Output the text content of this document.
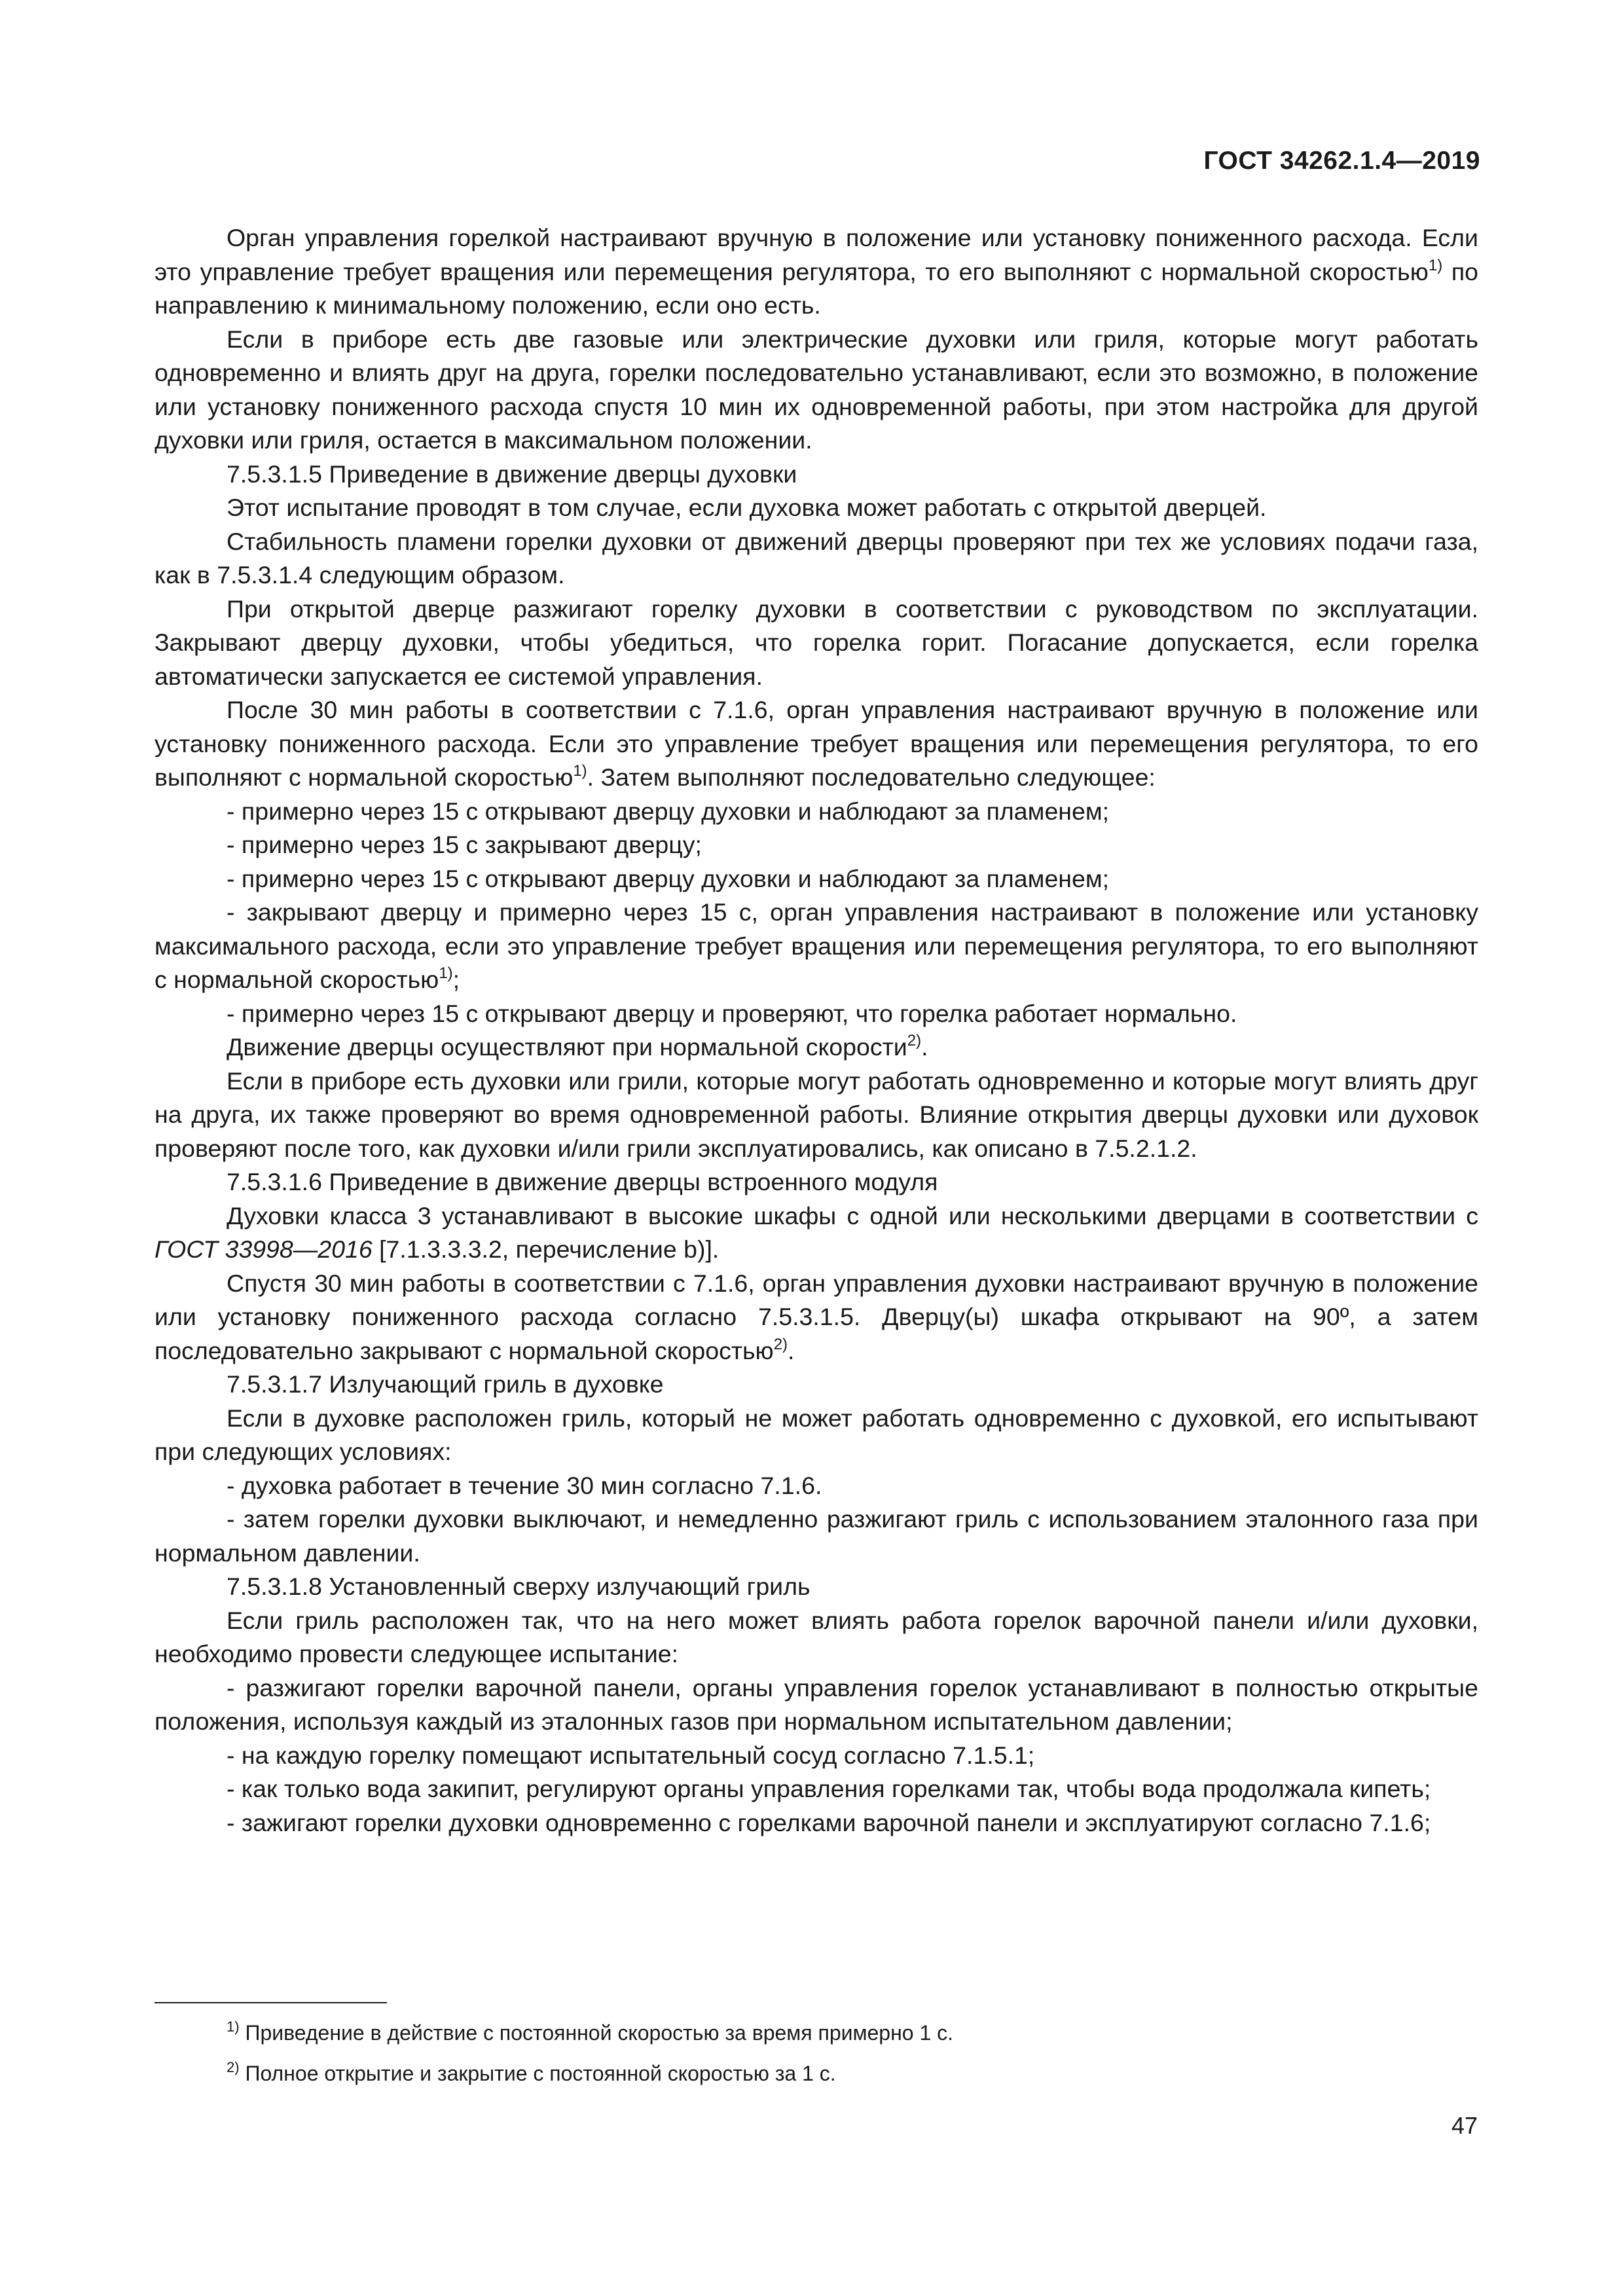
ГОСТ 34262.1.4—2019

Орган управления горелкой настраивают вручную в положение или установку пониженного расхода. Если это управление требует вращения или перемещения регулятора, то его выполняют с нормальной скоростью$^{1)}$ по направлению к минимальному положению, если оно есть.

Если в приборе есть две газовые или электрические духовки или гриля, которые могут работать одновременно и влиять друг на друга, горелки последовательно устанавливают, если это возможно, в положение или установку пониженного расхода спустя 10 мин их одновременной работы, при этом настройка для другой духовки или гриля, остается в максимальном положении.

7.5.3.1.5 Приведение в движение дверцы духовки

Этот испытание проводят в том случае, если духовка может работать с открытой дверцей.

Стабильность пламени горелки духовки от движений дверцы проверяют при тех же условиях подачи газа, как в 7.5.3.1.4 следующим образом.

При открытой дверце разжигают горелку духовки в соответствии с руководством по эксплуатации. Закрывают дверцу духовки, чтобы убедиться, что горелка горит. Погасание допускается, если горелка автоматически запускается ее системой управления.

После 30 мин работы в соответствии с 7.1.6, орган управления настраивают вручную в положение или установку пониженного расхода. Если это управление требует вращения или перемещения регулятора, то его выполняют с нормальной скоростью$^{1)}$. Затем выполняют последовательно следующее:

- примерно через 15 с открывают дверцу духовки и наблюдают за пламенем;

- примерно через 15 с закрывают дверцу;

- примерно через 15 с открывают дверцу духовки и наблюдают за пламенем;

- закрывают дверцу и примерно через 15 с, орган управления настраивают в положение или установку максимального расхода, если это управление требует вращения или перемещения регулятора, то его выполняют с нормальной скоростью$^{1)}$;

- примерно через 15 с открывают дверцу и проверяют, что горелка работает нормально.

Движение дверцы осуществляют при нормальной скорости$^{2)}$.

Если в приборе есть духовки или грили, которые могут работать одновременно и которые могут влиять друг на друга, их также проверяют во время одновременной работы. Влияние открытия дверцы духовки или духовок проверяют после того, как духовки и/или грили эксплуатировались, как описано в 7.5.2.1.2.

7.5.3.1.6 Приведение в движение дверцы встроенного модуля

Духовки класса 3 устанавливают в высокие шкафы с одной или несколькими дверцами в соответствии с ГОСТ 33998—2016 [7.1.3.3.3.2, перечисление b)].

Спустя 30 мин работы в соответствии с 7.1.6, орган управления духовки настраивают вручную в положение или установку пониженного расхода согласно 7.5.3.1.5. Дверцу(ы) шкафа открывают на 90º, а затем последовательно закрывают с нормальной скоростью$^{2)}$.

7.5.3.1.7 Излучающий гриль в духовке

Если в духовке расположен гриль, который не может работать одновременно с духовкой, его испытывают при следующих условиях:

- духовка работает в течение 30 мин согласно 7.1.6.

- затем горелки духовки выключают, и немедленно разжигают гриль с использованием эталонного газа при нормальном давлении.

7.5.3.1.8 Установленный сверху излучающий гриль

Если гриль расположен так, что на него может влиять работа горелок варочной панели и/или духовки, необходимо провести следующее испытание:

- разжигают горелки варочной панели, органы управления горелок устанавливают в полностью открытые положения, используя каждый из эталонных газов при нормальном испытательном давлении;

- на каждую горелку помещают испытательный сосуд согласно 7.1.5.1;

- как только вода закипит, регулируют органы управления горелками так, чтобы вода продолжала кипеть;

- зажигают горелки духовки одновременно с горелками варочной панели и эксплуатируют согласно 7.1.6;

$^{1)}$ Приведение в действие с постоянной скоростью за время примерно 1 с.

$^{2)}$ Полное открытие и закрытие с постоянной скоростью за 1 с.

47
